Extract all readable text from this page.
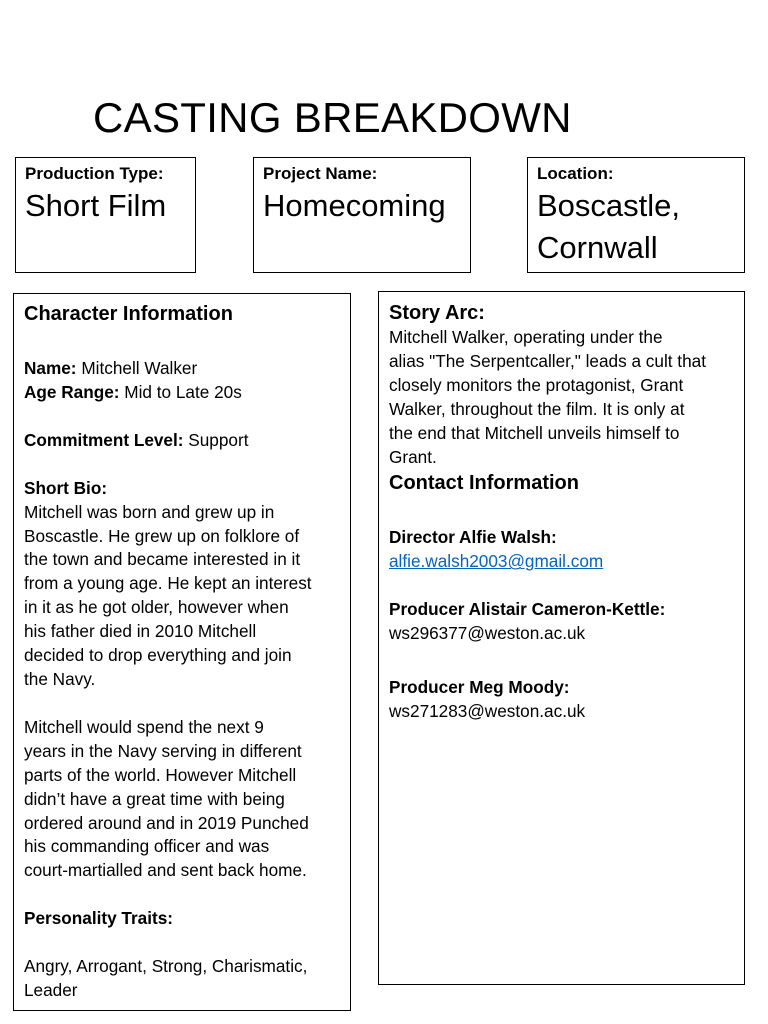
CASTING BREAKDOWN
Production Type:
Short Film
Project Name:
Homecoming
Location:
Boscastle,
Cornwall
Character Information
Name: Mitchell Walker
Age Range: Mid to Late 20s
Commitment Level: Support
Short Bio:
Mitchell was born and grew up in
Boscastle. He grew up on folklore of
the town and became interested in it
from a young age. He kept an interest
in it as he got older, however when
his father died in 2010 Mitchell
decided to drop everything and join
the Navy.
Mitchell would spend the next 9
years in the Navy serving in different
parts of the world. However Mitchell
didn’t have a great time with being
ordered around and in 2019 Punched
his commanding officer and was
court-martialled and sent back home.
Personality Traits:
Angry, Arrogant, Strong, Charismatic,
Leader
Story Arc:
Mitchell Walker, operating under the
alias "The Serpentcaller," leads a cult that
closely monitors the protagonist, Grant
Walker, throughout the film. It is only at
the end that Mitchell unveils himself to
Grant.
Contact Information
Director Alfie Walsh:
alfie.walsh2003@gmail.com
Producer Alistair Cameron-Kettle:
ws296377@weston.ac.uk
Producer Meg Moody:
ws271283@weston.ac.uk
